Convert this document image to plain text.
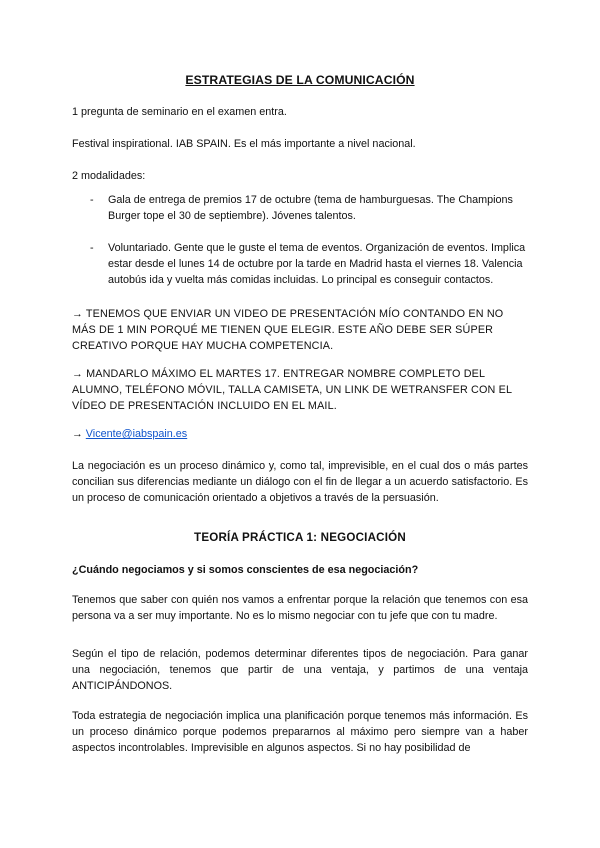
ESTRATEGIAS DE LA COMUNICACIÓN

1 pregunta de seminario en el examen entra.

Festival inspirational. IAB SPAIN. Es el más importante a nivel nacional.

2 modalidades:

- Gala de entrega de premios 17 de octubre (tema de hamburguesas. The Champions Burger tope el 30 de septiembre). Jóvenes talentos.
- Voluntariado. Gente que le guste el tema de eventos. Organización de eventos. Implica estar desde el lunes 14 de octubre por la tarde en Madrid hasta el viernes 18. Valencia autobús ida y vuelta más comidas incluidas. Lo principal es conseguir contactos.

→ TENEMOS QUE ENVIAR UN VIDEO DE PRESENTACIÓN MÍO CONTANDO EN NO MÁS DE 1 MIN PORQUÉ ME TIENEN QUE ELEGIR. ESTE AÑO DEBE SER SÚPER CREATIVO PORQUE HAY MUCHA COMPETENCIA.

→ MANDARLO MÁXIMO EL MARTES 17. ENTREGAR NOMBRE COMPLETO DEL ALUMNO, TELÉFONO MÓVIL, TALLA CAMISETA, UN LINK DE WETRANSFER CON EL VÍDEO DE PRESENTACIÓN INCLUIDO EN EL MAIL.

→ Vicente@iabspain.es

La negociación es un proceso dinámico y, como tal, imprevisible, en el cual dos o más partes concilian sus diferencias mediante un diálogo con el fin de llegar a un acuerdo satisfactorio. Es un proceso de comunicación orientado a objetivos a través de la persuasión.

TEORÍA PRÁCTICA 1: NEGOCIACIÓN
¿Cuándo negociamos y si somos conscientes de esa negociación?

Tenemos que saber con quién nos vamos a enfrentar porque la relación que tenemos con esa persona va a ser muy importante. No es lo mismo negociar con tu jefe que con tu madre.

Según el tipo de relación, podemos determinar diferentes tipos de negociación. Para ganar una negociación, tenemos que partir de una ventaja, y partimos de una ventaja ANTICIPÁNDONOS.

Toda estrategia de negociación implica una planificación porque tenemos más información. Es un proceso dinámico porque podemos prepararnos al máximo pero siempre van a haber aspectos incontrolables. Imprevisible en algunos aspectos. Si no hay posibilidad de
